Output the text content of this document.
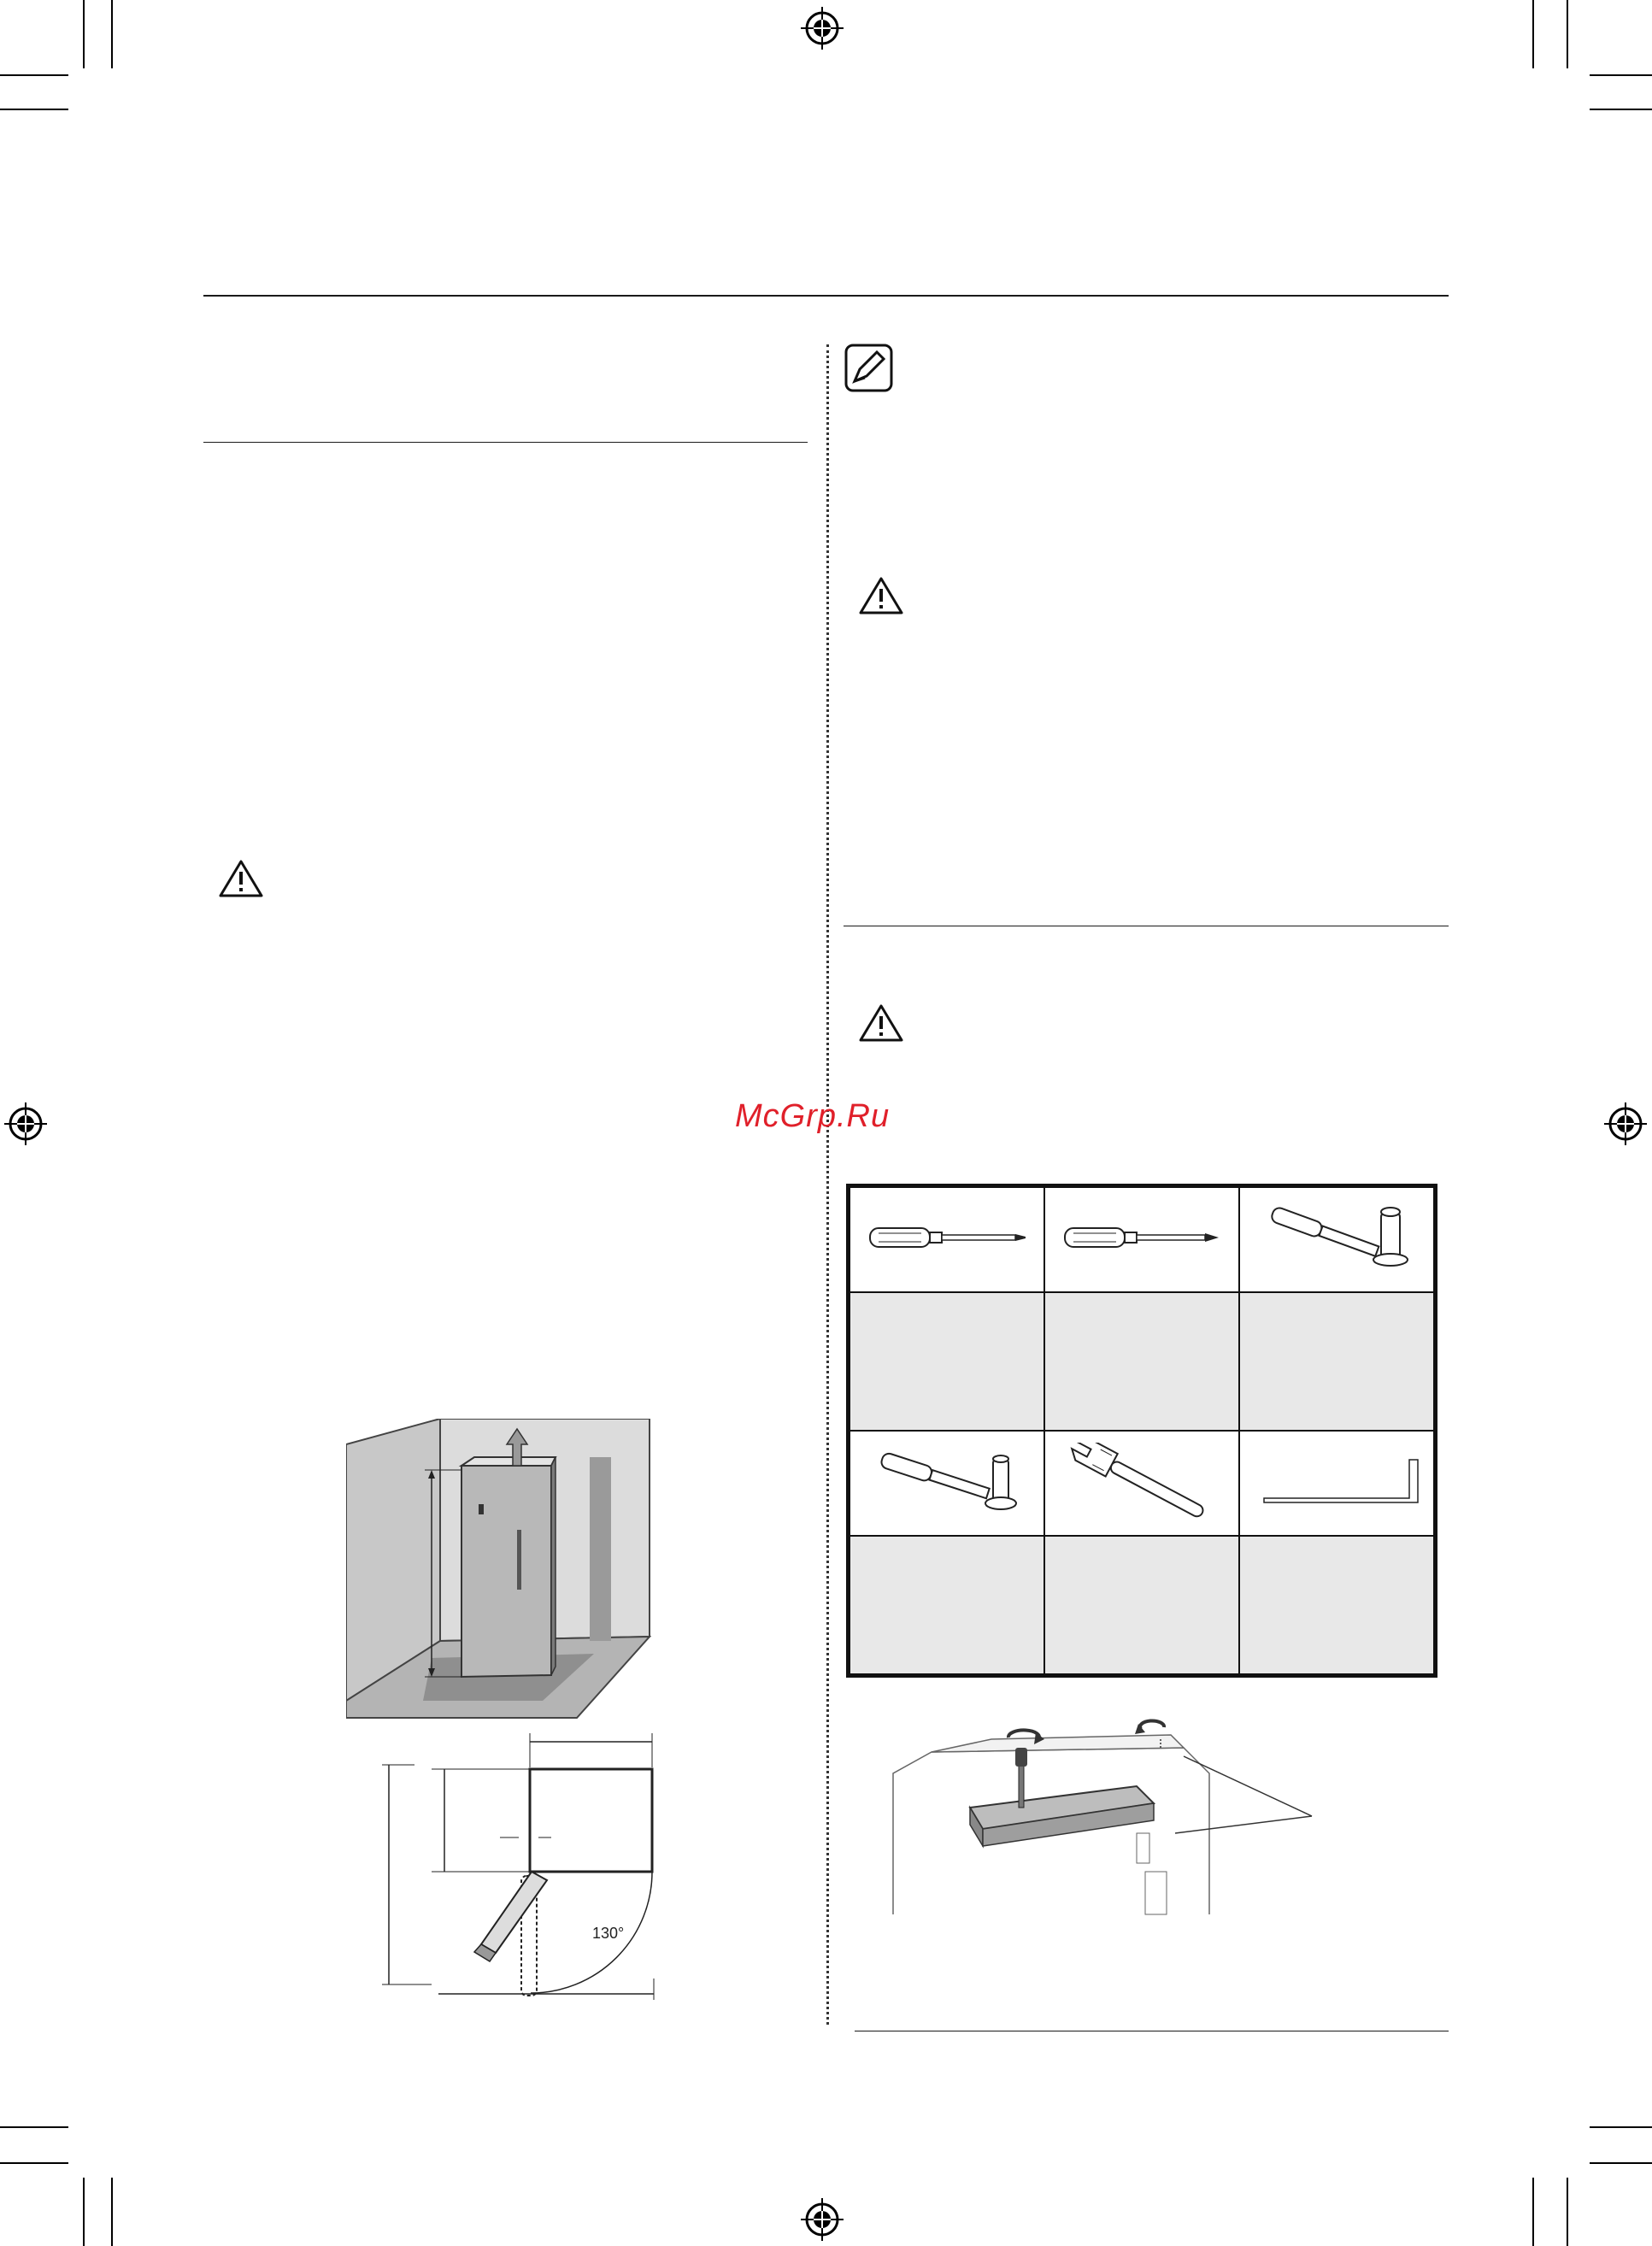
McGrp.Ru
130°
